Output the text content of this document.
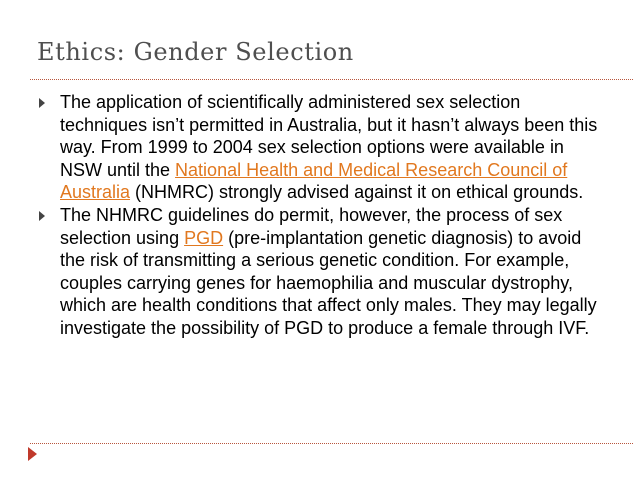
Ethics: Gender Selection
The application of scientifically administered sex selection techniques isn’t permitted in Australia, but it hasn’t always been this way. From 1999 to 2004 sex selection options were available in NSW until the National Health and Medical Research Council of Australia (NHMRC) strongly advised against it on ethical grounds.
The NHMRC guidelines do permit, however, the process of sex selection using PGD (pre-implantation genetic diagnosis) to avoid the risk of transmitting a serious genetic condition. For example, couples carrying genes for haemophilia and muscular dystrophy, which are health conditions that affect only males. They may legally investigate the possibility of PGD to produce a female through IVF.
